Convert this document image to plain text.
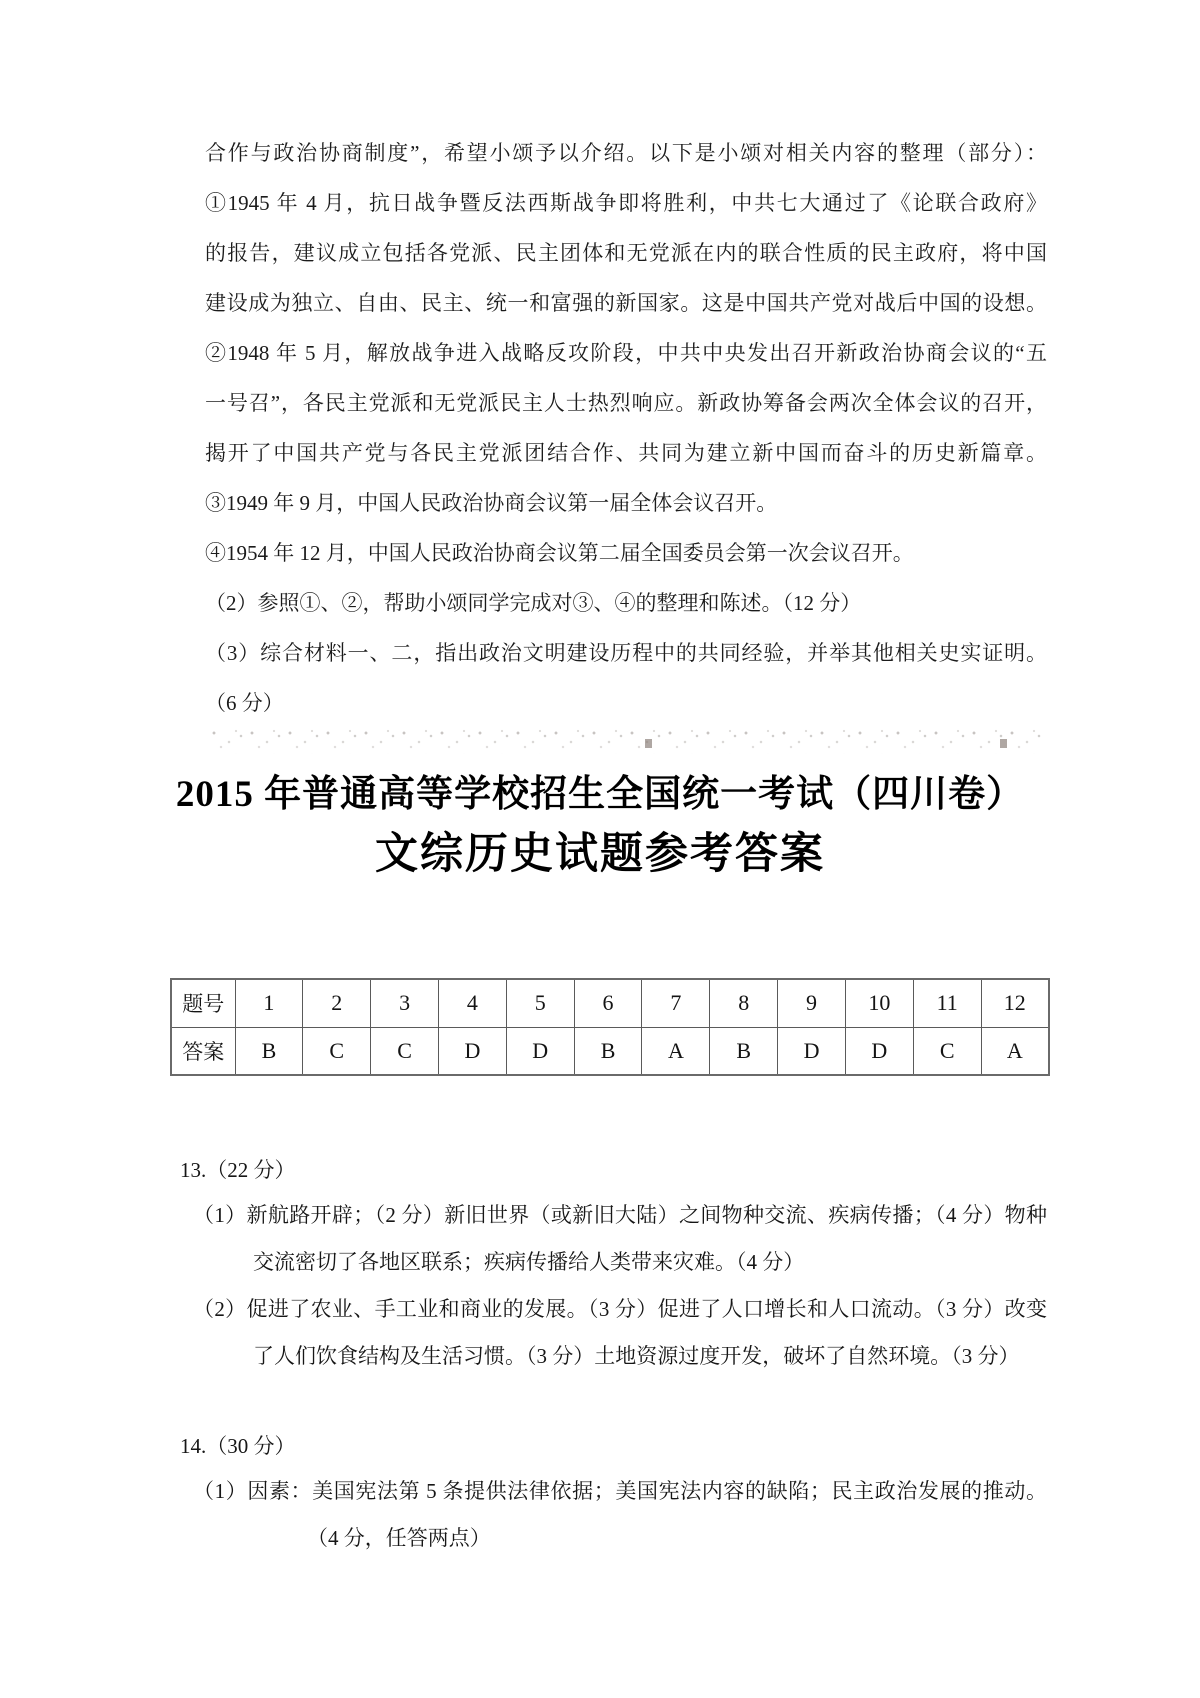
合作与政治协商制度”，希望小颂予以介绍。以下是小颂对相关内容的整理（部分）：
①1945 年 4 月，抗日战争暨反法西斯战争即将胜利，中共七大通过了《论联合政府》
的报告，建议成立包括各党派、民主团体和无党派在内的联合性质的民主政府，将中国
建设成为独立、自由、民主、统一和富强的新国家。这是中国共产党对战后中国的设想。
②1948 年 5 月，解放战争进入战略反攻阶段，中共中央发出召开新政治协商会议的“五
一号召”，各民主党派和无党派民主人士热烈响应。新政协筹备会两次全体会议的召开，
揭开了中国共产党与各民主党派团结合作、共同为建立新中国而奋斗的历史新篇章。
③1949 年 9 月，中国人民政治协商会议第一届全体会议召开。
④1954 年 12 月，中国人民政治协商会议第二届全国委员会第一次会议召开。
（2）参照①、②，帮助小颂同学完成对③、④的整理和陈述。（12 分）
（3）综合材料一、二，指出政治文明建设历程中的共同经验，并举其他相关史实证明。
（6 分）
2015 年普通高等学校招生全国统一考试（四川卷）
文综历史试题参考答案
题号	1	2	3	4	5	6	7	8	9	10	11	12
答案	B	C	C	D	D	B	A	B	D	D	C	A
13.（22 分）
（1）新航路开辟；（2 分）新旧世界（或新旧大陆）之间物种交流、疾病传播；（4 分）物种
交流密切了各地区联系；疾病传播给人类带来灾难。（4 分）
（2）促进了农业、手工业和商业的发展。（3 分）促进了人口增长和人口流动。（3 分）改变
了人们饮食结构及生活习惯。（3 分）土地资源过度开发，破坏了自然环境。（3 分）
14.（30 分）
（1）因素：美国宪法第 5 条提供法律依据；美国宪法内容的缺陷；民主政治发展的推动。
（4 分，任答两点）
